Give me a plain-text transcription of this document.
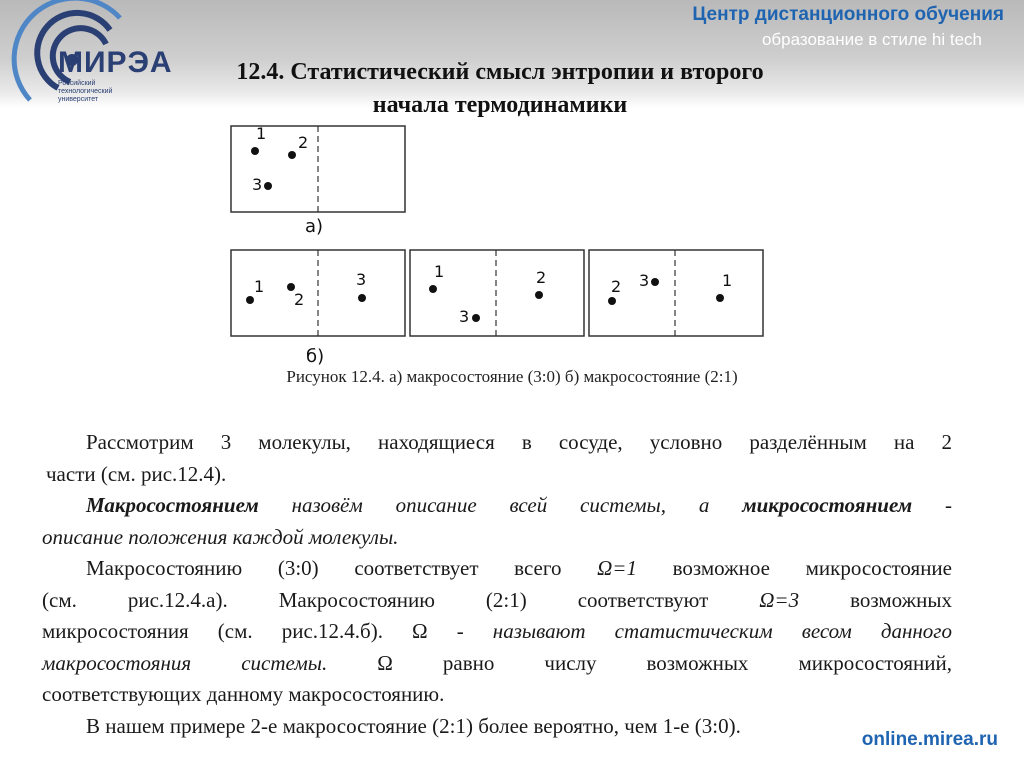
МИРЭА
Российский технологический университет
Центр дистанционного обучения
образование в стиле hi tech
12.4. Статистический смысл энтропии и второго
начала термодинамики
1 2
3
а)
1
2
3	1
3
2	2 3	1
б)
Рисунок 12.4. а) макросостояние (3:0) б) макросостояние (2:1)

Рассмотрим 3 молекулы, находящиеся в сосуде, условно разделённым на 2

части (см. рис.12.4).

Макросостоянием назовём описание всей системы, а микросостоянием -

описание положения каждой молекулы.

Макросостоянию (3:0) соответствует всего Ω=1 возможное микросостояние

(см. рис.12.4.а). Макросостоянию (2:1) соответствуют Ω=3 возможных

микросостояния (см. рис.12.4.б). Ω - называют статистическим весом данного

макросостояния системы. Ω равно числу возможных микросостояний,

соответствующих данному макросостоянию.

В нашем примере 2-е макросостояние (2:1) более вероятно, чем 1-е (3:0).

online.mirea.ru
